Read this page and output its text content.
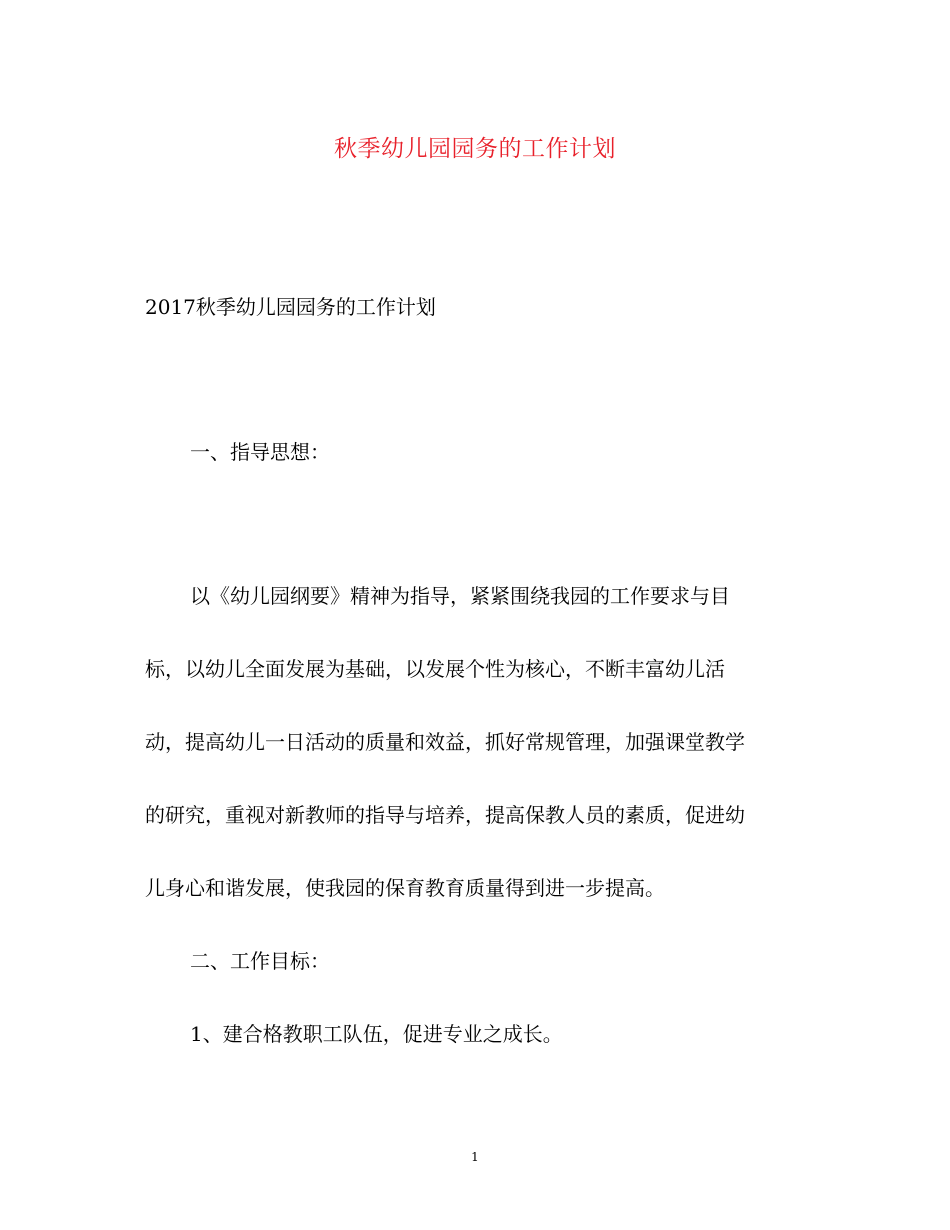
秋季幼儿园园务的工作计划
2017秋季幼儿园园务的工作计划
一、指导思想：
以《幼儿园纲要》精神为指导，紧紧围绕我园的工作要求与目
标，以幼儿全面发展为基础，以发展个性为核心，不断丰富幼儿活
动，提高幼儿一日活动的质量和效益，抓好常规管理，加强课堂教学
的研究，重视对新教师的指导与培养，提高保教人员的素质，促进幼
儿身心和谐发展，使我园的保育教育质量得到进一步提高。
二、工作目标：
1、建合格教职工队伍，促进专业之成长。
1
